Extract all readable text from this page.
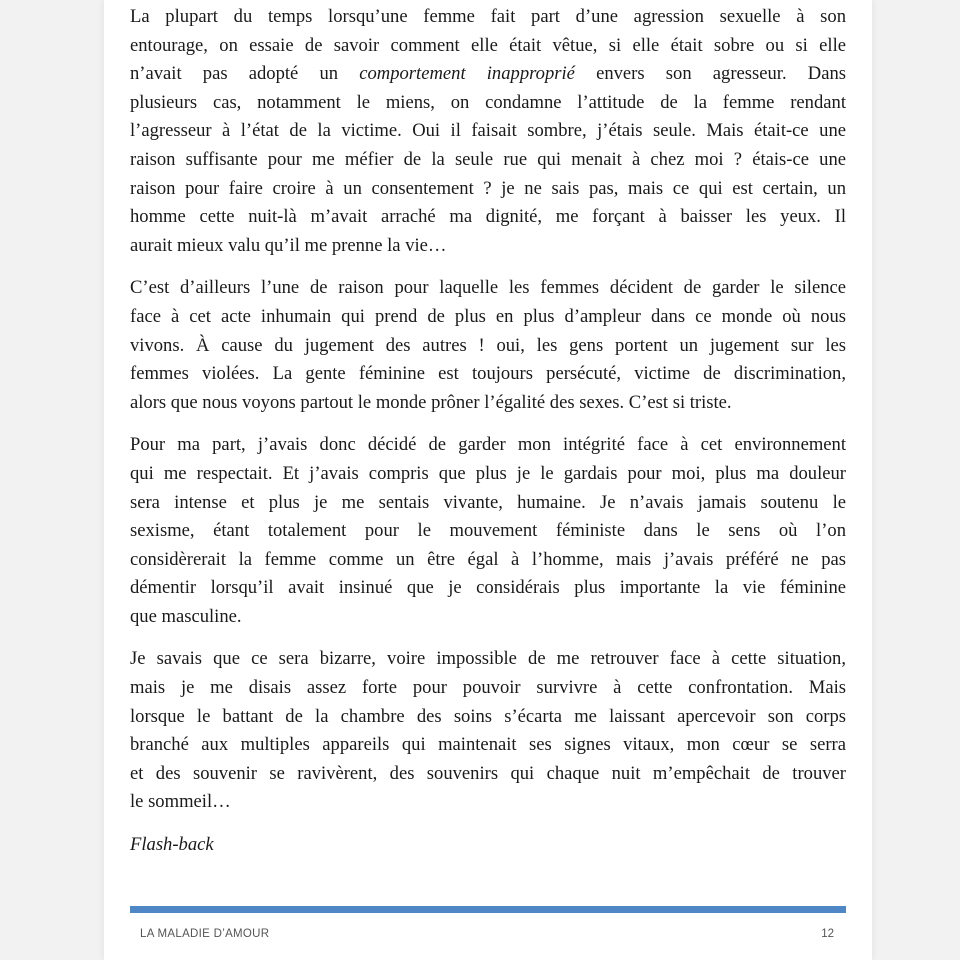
La plupart du temps lorsqu’une femme fait part d’une agression sexuelle à son
entourage, on essaie de savoir comment elle était vêtue, si elle était sobre ou si elle
n’avait pas adopté un comportement inapproprié envers son agresseur. Dans
plusieurs cas, notamment le miens, on condamne l’attitude de la femme rendant
l’agresseur à l’état de la victime. Oui il faisait sombre, j’étais seule. Mais était-ce une
raison suffisante pour me méfier de la seule rue qui menait à chez moi ? étais-ce une
raison pour faire croire à un consentement ? je ne sais pas, mais ce qui est certain, un
homme cette nuit-là m’avait arraché ma dignité, me forçant à baisser les yeux. Il
aurait mieux valu qu’il me prenne la vie…
C’est d’ailleurs l’une de raison pour laquelle les femmes décident de garder le silence
face à cet acte inhumain qui prend de plus en plus d’ampleur dans ce monde où nous
vivons. À cause du jugement des autres ! oui, les gens portent un jugement sur les
femmes violées. La gente féminine est toujours persécuté, victime de discrimination,
alors que nous voyons partout le monde prôner l’égalité des sexes. C’est si triste.
Pour ma part, j’avais donc décidé de garder mon intégrité face à cet environnement
qui me respectait. Et j’avais compris que plus je le gardais pour moi, plus ma douleur
sera intense et plus je me sentais vivante, humaine. Je n’avais jamais soutenu le
sexisme, étant totalement pour le mouvement féministe dans le sens où l’on
considèrerait la femme comme un être égal à l’homme, mais j’avais préféré ne pas
démentir lorsqu’il avait insinué que je considérais plus importante la vie féminine
que masculine.
Je savais que ce sera bizarre, voire impossible de me retrouver face à cette situation,
mais je me disais assez forte pour pouvoir survivre à cette confrontation. Mais
lorsque le battant de la chambre des soins s’écarta me laissant apercevoir son corps
branché aux multiples appareils qui maintenait ses signes vitaux, mon cœur se serra
et des souvenir se ravivèrent, des souvenirs qui chaque nuit m’empêchait de trouver
le sommeil…
Flash-back
LA MALADIE D’AMOUR	12
